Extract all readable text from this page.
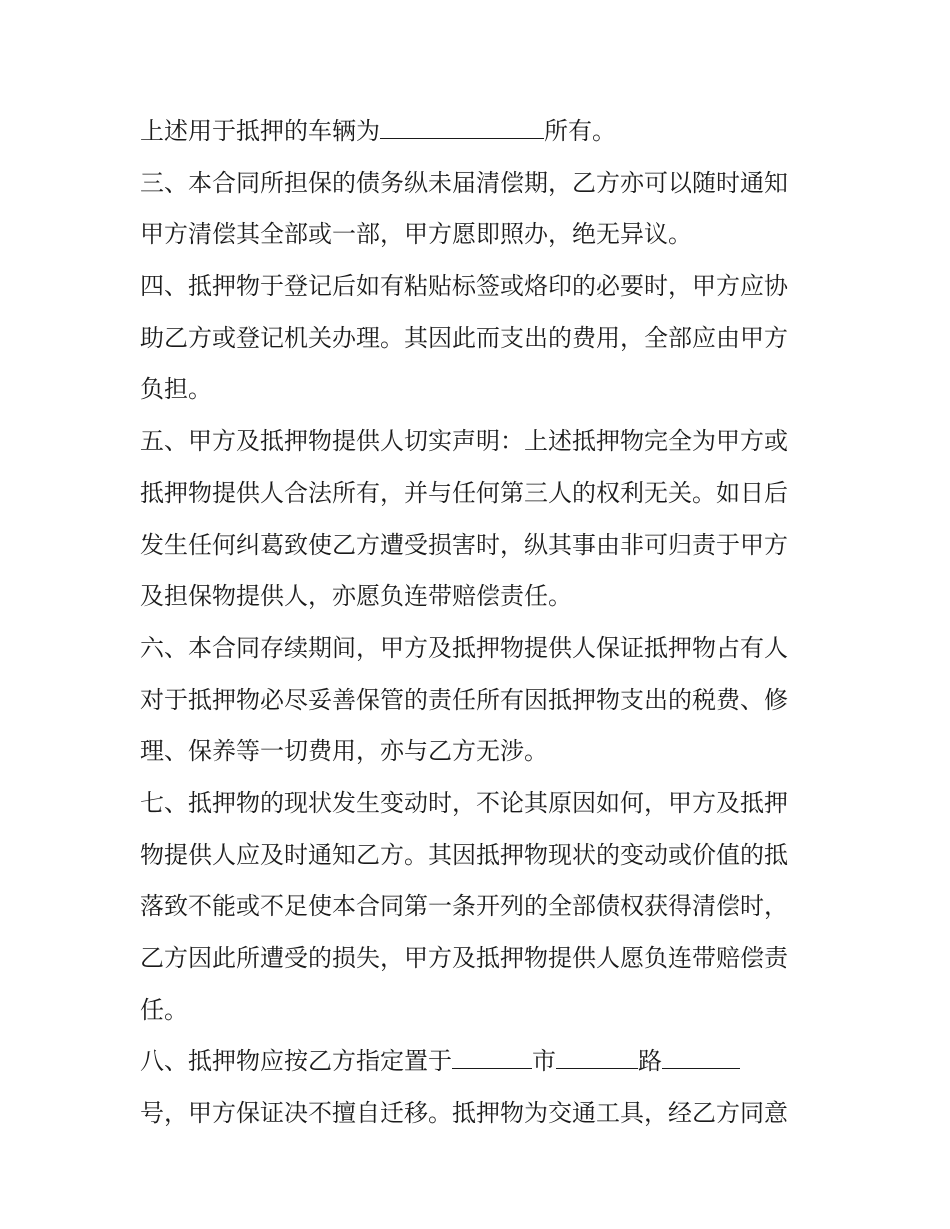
上述用于抵押的车辆为	所有。
三、本合同所担保的债务纵未届清偿期，乙方亦可以随时通知
甲方清偿其全部或一部，甲方愿即照办，绝无异议。
四、抵押物于登记后如有粘贴标签或烙印的必要时，甲方应协
助乙方或登记机关办理。其因此而支出的费用，全部应由甲方
负担。
五、甲方及抵押物提供人切实声明：上述抵押物完全为甲方或
抵押物提供人合法所有，并与任何第三人的权利无关。如日后
发生任何纠葛致使乙方遭受损害时，纵其事由非可归责于甲方
及担保物提供人，亦愿负连带赔偿责任。
六、本合同存续期间，甲方及抵押物提供人保证抵押物占有人
对于抵押物必尽妥善保管的责任所有因抵押物支出的税费、修
理、保养等一切费用，亦与乙方无涉。
七、抵押物的现状发生变动时，不论其原因如何，甲方及抵押
物提供人应及时通知乙方。其因抵押物现状的变动或价值的抵
落致不能或不足使本合同第一条开列的全部债权获得清偿时，
乙方因此所遭受的损失，甲方及抵押物提供人愿负连带赔偿责
任。
八、抵押物应按乙方指定置于	市	路
号，甲方保证决不擅自迁移。抵押物为交通工具，经乙方同意
